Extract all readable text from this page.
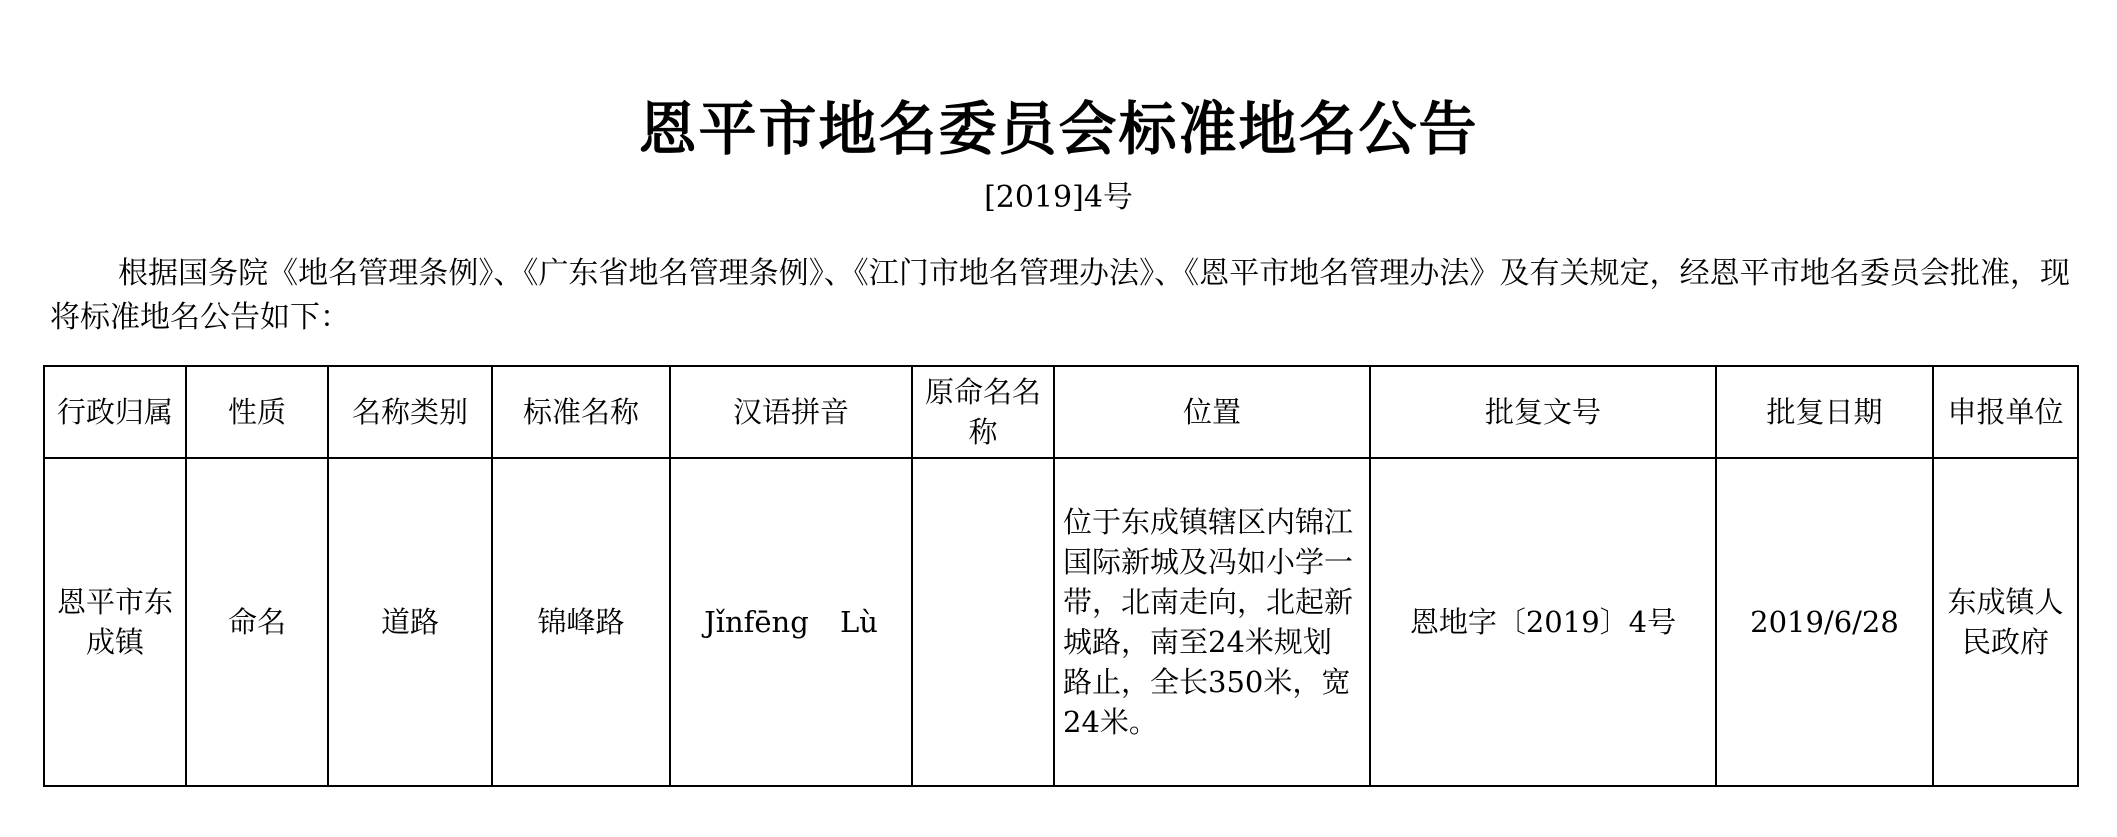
恩平市地名委员会标准地名公告
[2019]4号
根据国务院《地名管理条例》、《广东省地名管理条例》、《江门市地名管理办法》、《恩平市地名管理办法》及有关规定，经恩平市地名委员会批准，现将标准地名公告如下：
行政归属	性质	名称类别	标准名称	汉语拼音	原命名名称	位置	批复文号	批复日期	申报单位
恩平市东成镇	命名	道路	锦峰路	Jǐnfēng Lù		位于东成镇辖区内锦江国际新城及冯如小学一带，北南走向，北起新城路，南至24米规划路止，全长350米，宽24米。	恩地字〔2019〕4号	2019/6/28	东成镇人民政府
